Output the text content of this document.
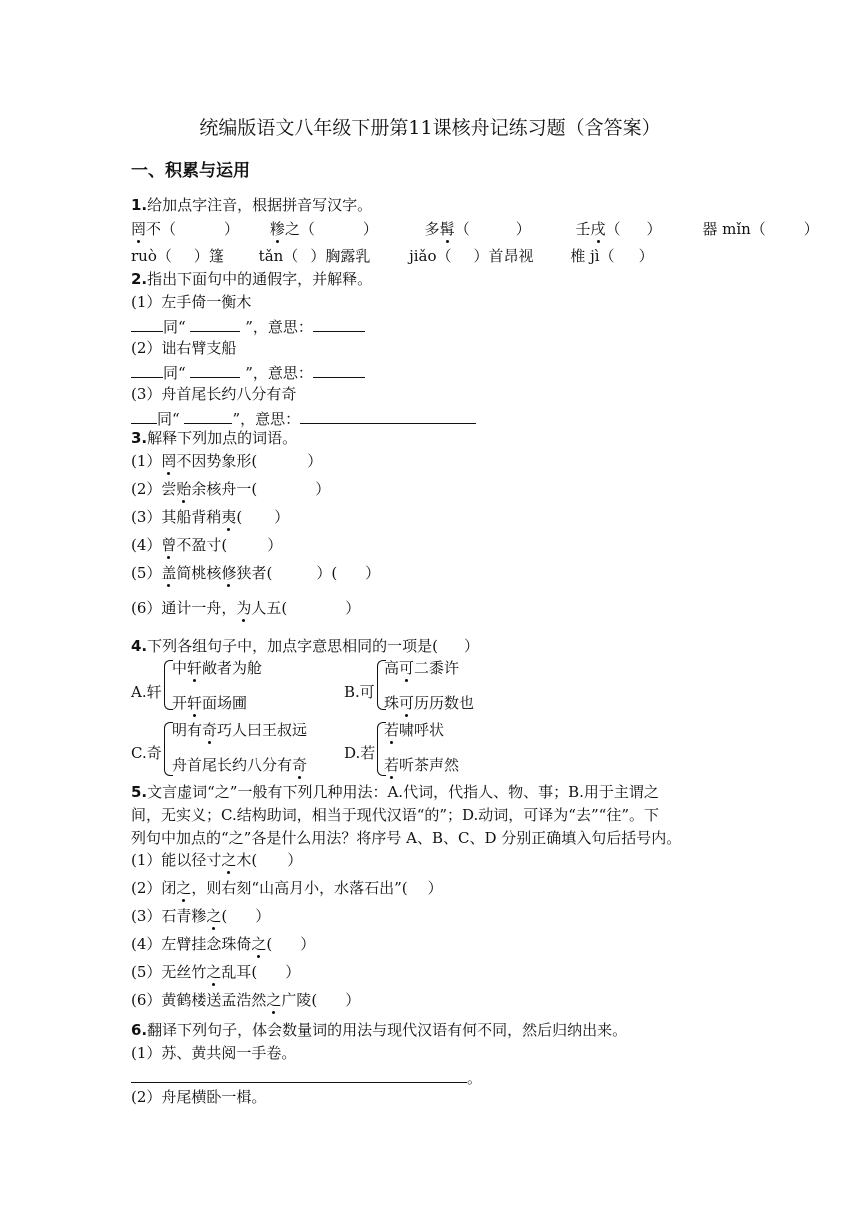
统编版语文八年级下册第11课核舟记练习题（含答案）
一、积累与运用
1.给加点字注音，根据拼音写汉字。
罔不（	） 糁之（	）	多髯（	）	壬戌（ ）	器 mǐn（	）
ruò（ ）篷 tǎn（ ）胸露乳	jiǎo（ ）首昂视 椎 jì（ ）
2.指出下面句中的通假字，并解释。
(1）左手倚一衡木
同“	”，意思：
(2）诎右臂支船
同“	”，意思：
(3）舟首尾长约八分有奇
同“	”，意思：
3.解释下列加点的词语。
(1）罔不因势象形(	）
(2）尝贻余核舟一(	）
(3）其船背稍夷( ）
(4）曾不盈寸(	）
(5）盖简桃核修狭者(	）( ）
(6）通计一舟，为人五(	）
4.下列各组句子中，加点字意思相同的一项是( ）
A.轩
中轩敞者为舱
开轩面场圃
B.可
高可二黍许
珠可历历数也
C.奇
明有奇巧人曰王叔远
舟首尾长约八分有奇
D.若
若啸呼状
若听茶声然
5.文言虚词“之”一般有下列几种用法：A.代词，代指人、物、事；B.用于主谓之
间，无实义；C.结构助词，相当于现代汉语“的”；D.动词，可译为“去”“往”。下
列句中加点的“之”各是什么用法？将序号 A、B、C、D 分别正确填入句后括号内。
(1）能以径寸之木( ）
(2）闭之，则右刻“山高月小，水落石出”( ）
(3）石青糁之( ）
(4）左臂挂念珠倚之( ）
(5）无丝竹之乱耳( ）
(6）黄鹤楼送孟浩然之广陵( ）
6.翻译下列句子，体会数量词的用法与现代汉语有何不同，然后归纳出来。
(1）苏、黄共阅一手卷。
。
(2）舟尾横卧一楫。
